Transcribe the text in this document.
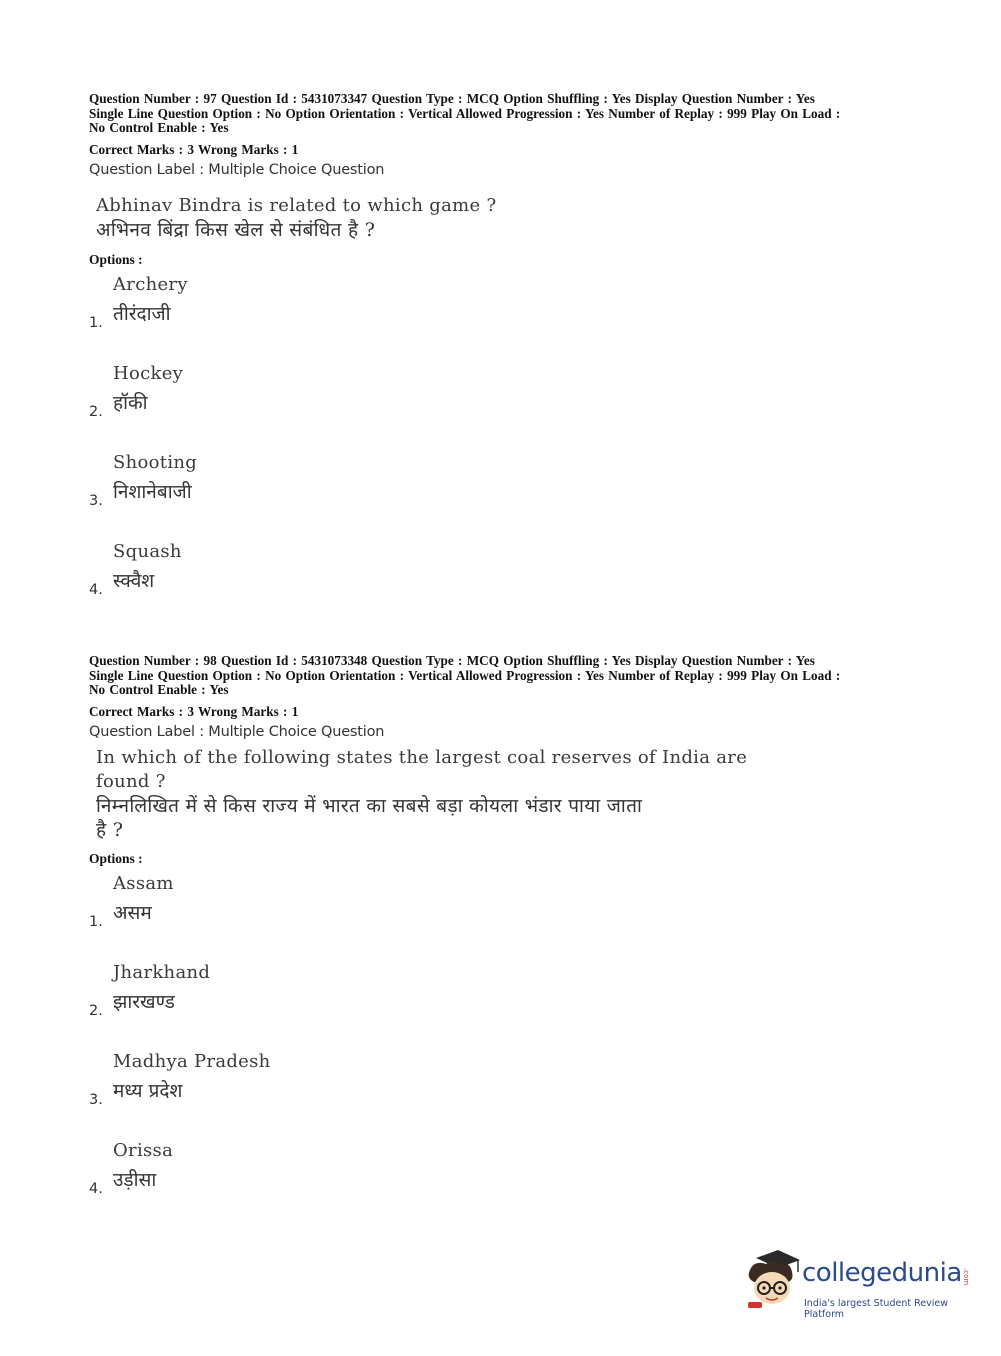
Question Number : 97 Question Id : 5431073347 Question Type : MCQ Option Shuffling : Yes Display Question Number : Yes
Single Line Question Option : No Option Orientation : Vertical Allowed Progression : Yes Number of Replay : 999 Play On Load :
No Control Enable : Yes
Correct Marks : 3 Wrong Marks : 1
Question Label : Multiple Choice Question
Abhinav Bindra is related to which game ?
अभिनव बिंद्रा किस खेल से संबंधित है ?
Options :
Archery
तीरंदाजी
1.
Hockey
हॉकी
2.
Shooting
निशानेबाजी
3.
Squash
स्क्वैश
4.
Question Number : 98 Question Id : 5431073348 Question Type : MCQ Option Shuffling : Yes Display Question Number : Yes
Single Line Question Option : No Option Orientation : Vertical Allowed Progression : Yes Number of Replay : 999 Play On Load :
No Control Enable : Yes
Correct Marks : 3 Wrong Marks : 1
Question Label : Multiple Choice Question
In which of the following states the largest coal reserves of India are
found ?
निम्नलिखित में से किस राज्य में भारत का सबसे बड़ा कोयला भंडार पाया जाता
है ?
Options :
Assam
असम
1.
Jharkhand
झारखण्ड
2.
Madhya Pradesh
मध्य प्रदेश
3.
Orissa
उड़ीसा
4.
collegedunia .com
India's largest Student Review Platform
